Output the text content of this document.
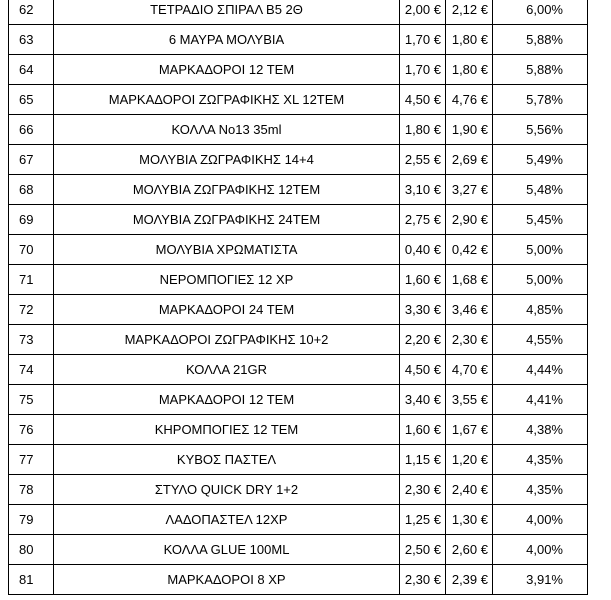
62	ΤΕΤΡΑΔΙΟ ΣΠΙΡΑΛ Β5 2Θ	2,00 €	2,12 €	6,00%
63	6 ΜΑΥΡΑ ΜΟΛΥΒΙΑ	1,70 €	1,80 €	5,88%
64	ΜΑΡΚΑΔΟΡΟΙ 12 ΤΕΜ	1,70 €	1,80 €	5,88%
65	ΜΑΡΚΑΔΟΡΟΙ ΖΩΓΡΑΦΙΚΗΣ XL 12ΤΕΜ	4,50 €	4,76 €	5,78%
66	ΚΟΛΛΑ Νο13 35ml	1,80 €	1,90 €	5,56%
67	ΜΟΛΥΒΙΑ ΖΩΓΡΑΦΙΚΗΣ 14+4	2,55 €	2,69 €	5,49%
68	ΜΟΛΥΒΙΑ ΖΩΓΡΑΦΙΚΗΣ 12ΤΕΜ	3,10 €	3,27 €	5,48%
69	ΜΟΛΥΒΙΑ ΖΩΓΡΑΦΙΚΗΣ 24ΤΕΜ	2,75 €	2,90 €	5,45%
70	ΜΟΛΥΒΙΑ ΧΡΩΜΑΤΙΣΤΑ	0,40 €	0,42 €	5,00%
71	ΝΕΡΟΜΠΟΓΙΕΣ 12 ΧΡ	1,60 €	1,68 €	5,00%
72	ΜΑΡΚΑΔΟΡΟΙ 24 ΤΕΜ	3,30 €	3,46 €	4,85%
73	ΜΑΡΚΑΔΟΡΟΙ ΖΩΓΡΑΦΙΚΗΣ 10+2	2,20 €	2,30 €	4,55%
74	ΚΟΛΛΑ 21GR	4,50 €	4,70 €	4,44%
75	ΜΑΡΚΑΔΟΡΟΙ 12 ΤΕΜ	3,40 €	3,55 €	4,41%
76	ΚΗΡΟΜΠΟΓΙΕΣ 12 ΤΕΜ	1,60 €	1,67 €	4,38%
77	ΚΥΒΟΣ ΠΑΣΤΕΛ	1,15 €	1,20 €	4,35%
78	ΣΤΥΛΟ QUICK DRY 1+2	2,30 €	2,40 €	4,35%
79	ΛΑΔΟΠΑΣΤΕΛ 12ΧΡ	1,25 €	1,30 €	4,00%
80	ΚΟΛΛΑ GLUE 100ML	2,50 €	2,60 €	4,00%
81	ΜΑΡΚΑΔΟΡΟΙ 8 ΧΡ	2,30 €	2,39 €	3,91%
